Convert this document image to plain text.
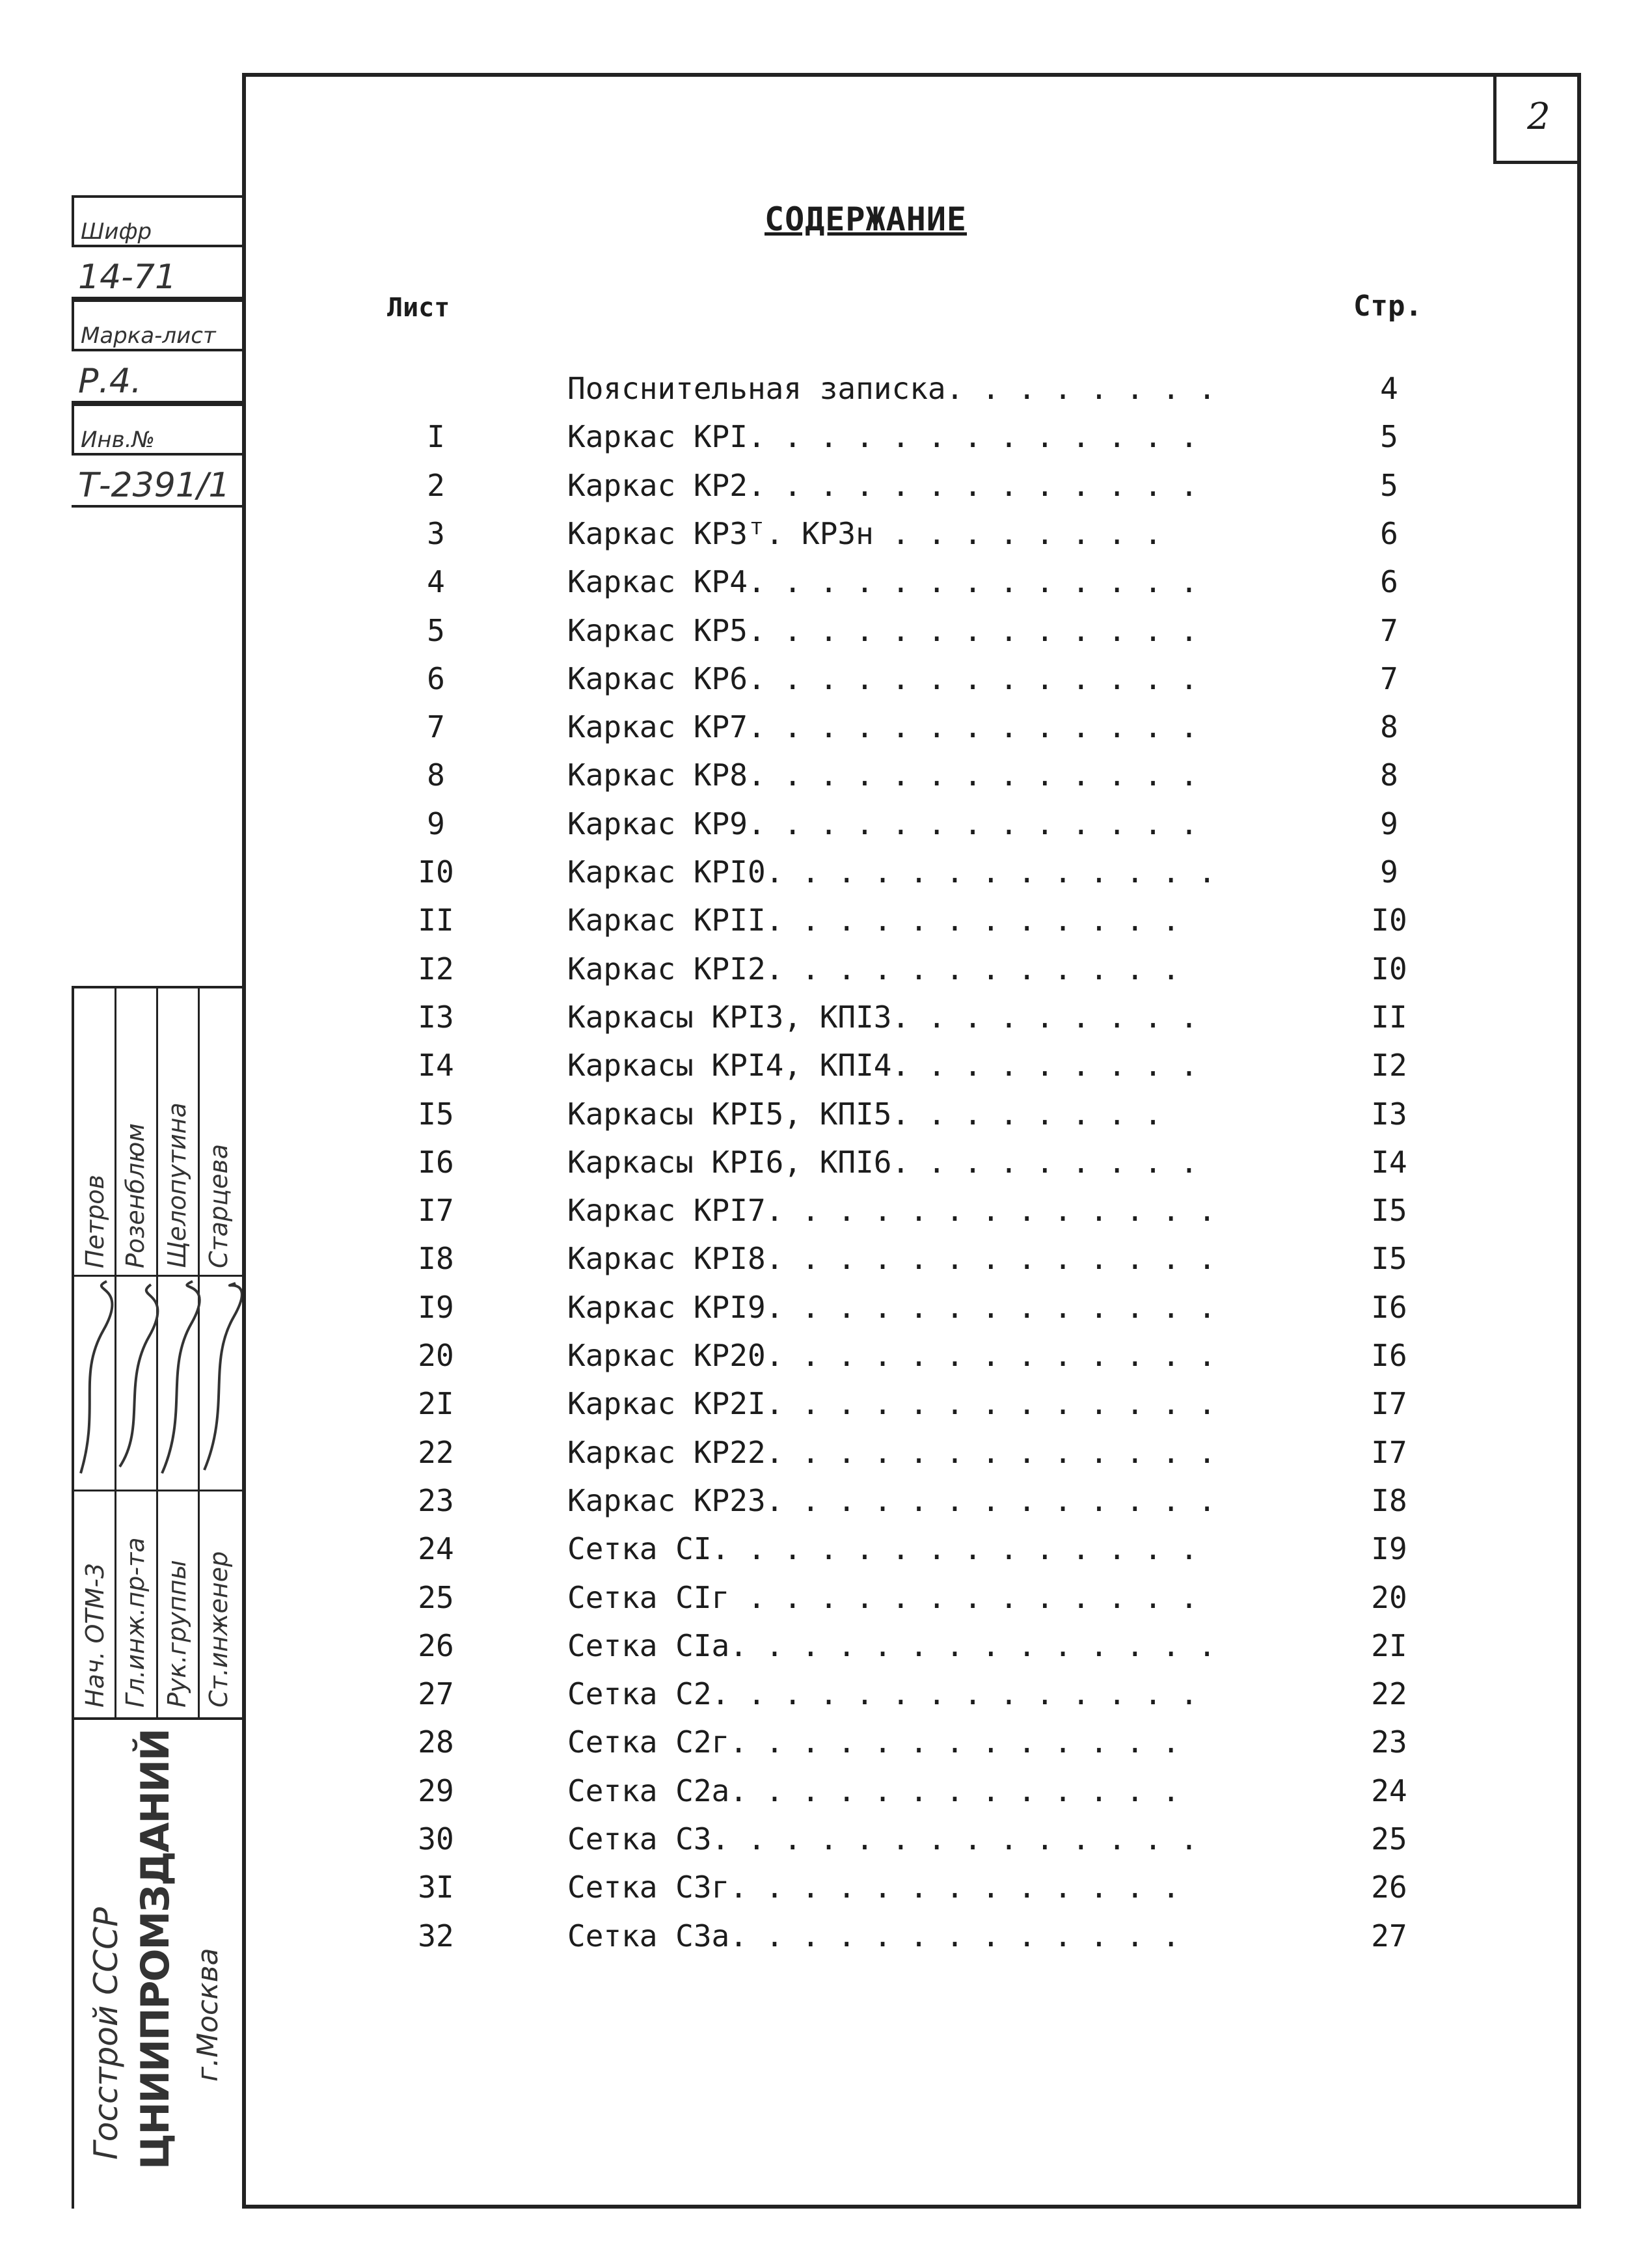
2
Шифр
14-71
Марка-лист
Р.4.
Инв.№
Т-2391/1
Нач. ОТМ-3 Гл.инж.пр-та Рук.группы Ст.инженер
Петров Розенблюм Щелопутина Старцева
Госстрой СССР ЦНИИПРОМЗДАНИЙ г.Москва
СОДЕРЖАНИЕ
Лист	Стр.
Пояснительная записка. . . . . . . .	4
I	Каркас КРI. . . . . . . . . . . . .	5
2	Каркас КР2. . . . . . . . . . . . .	5
3	Каркас КР3ᵀ. КР3н . . . . . . . .	6
4	Каркас КР4. . . . . . . . . . . . .	6
5	Каркас КР5. . . . . . . . . . . . .	7
6	Каркас КР6. . . . . . . . . . . . .	7
7	Каркас КР7. . . . . . . . . . . . .	8
8	Каркас КР8. . . . . . . . . . . . .	8
9	Каркас КР9. . . . . . . . . . . . .	9
I0	Каркас КРI0. . . . . . . . . . . . .	9
II	Каркас КРII. . . . . . . . . . . .	I0
I2	Каркас КРI2. . . . . . . . . . . .	I0
I3	Каркасы КРI3, КПI3. . . . . . . . .	II
I4	Каркасы КРI4, КПI4. . . . . . . . .	I2
I5	Каркасы КРI5, КПI5. . . . . . . .	I3
I6	Каркасы КРI6, КПI6. . . . . . . . .	I4
I7	Каркас КРI7. . . . . . . . . . . . .	I5
I8	Каркас КРI8. . . . . . . . . . . . .	I5
I9	Каркас КРI9. . . . . . . . . . . . .	I6
20	Каркас КР20. . . . . . . . . . . . .	I6
2I	Каркас КР2I. . . . . . . . . . . . .	I7
22	Каркас КР22. . . . . . . . . . . . .	I7
23	Каркас КР23. . . . . . . . . . . . .	I8
24	Сетка СI. . . . . . . . . . . . . .	I9
25	Сетка СIг . . . . . . . . . . . . .	20
26	Сетка СIа. . . . . . . . . . . . . .	2I
27	Сетка С2. . . . . . . . . . . . . .	22
28	Сетка С2г. . . . . . . . . . . . .	23
29	Сетка С2а. . . . . . . . . . . . .	24
30	Сетка С3. . . . . . . . . . . . . .	25
3I	Сетка С3г. . . . . . . . . . . . .	26
32	Сетка С3а. . . . . . . . . . . . .	27
